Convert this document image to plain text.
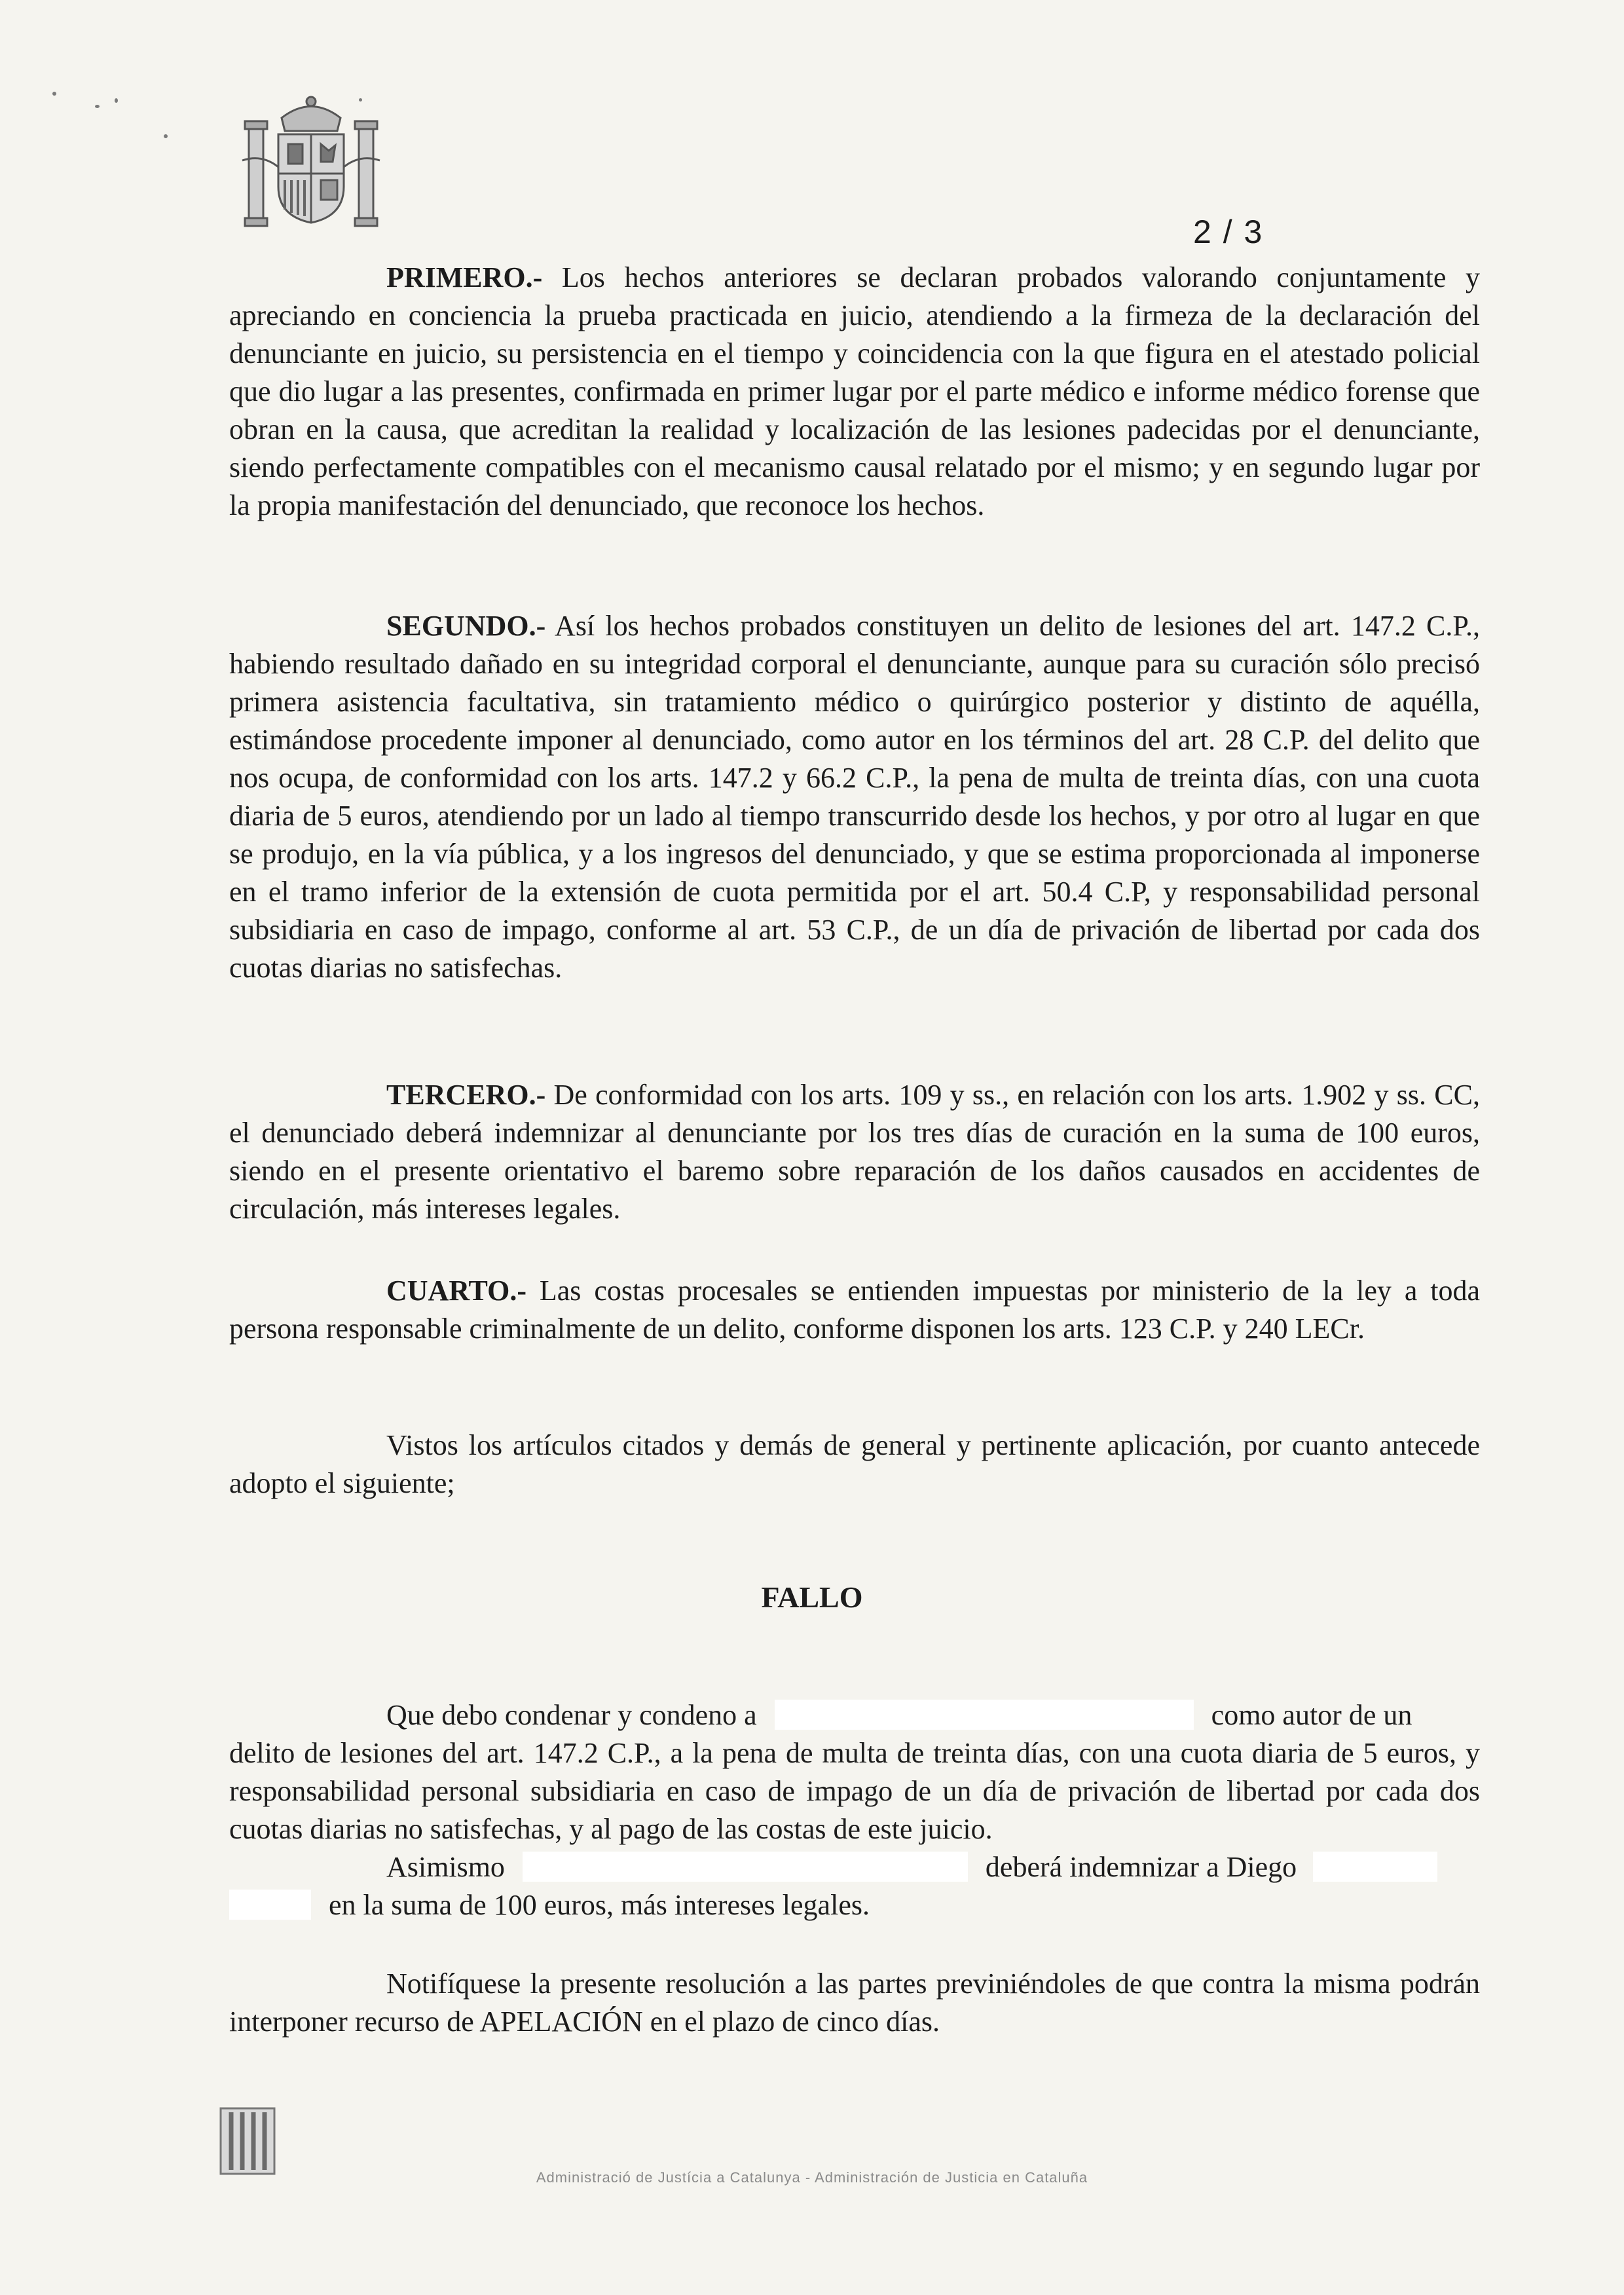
2 / 3
PRIMERO.- Los hechos anteriores se declaran probados valorando conjuntamente y apreciando en conciencia la prueba practicada en juicio, atendiendo a la firmeza de la declaración del denunciante en juicio, su persistencia en el tiempo y coincidencia con la que figura en el atestado policial que dio lugar a las presentes, confirmada en primer lugar por el parte médico e informe médico forense que obran en la causa, que acreditan la realidad y localización de las lesiones padecidas por el denunciante, siendo perfectamente compatibles con el mecanismo causal relatado por el mismo; y en segundo lugar por la propia manifestación del denunciado, que reconoce los hechos.
SEGUNDO.- Así los hechos probados constituyen un delito de lesiones del art. 147.2 C.P., habiendo resultado dañado en su integridad corporal el denunciante, aunque para su curación sólo precisó primera asistencia facultativa, sin tratamiento médico o quirúrgico posterior y distinto de aquélla, estimándose procedente imponer al denunciado, como autor en los términos del art. 28 C.P. del delito que nos ocupa, de conformidad con los arts. 147.2 y 66.2 C.P., la pena de multa de treinta días, con una cuota diaria de 5 euros, atendiendo por un lado al tiempo transcurrido desde los hechos, y por otro al lugar en que se produjo, en la vía pública, y a los ingresos del denunciado, y que se estima proporcionada al imponerse en el tramo inferior de la extensión de cuota permitida por el art. 50.4 C.P, y responsabilidad personal subsidiaria en caso de impago, conforme al art. 53 C.P., de un día de privación de libertad por cada dos cuotas diarias no satisfechas.
TERCERO.- De conformidad con los arts. 109 y ss., en relación con los arts. 1.902 y ss. CC, el denunciado deberá indemnizar al denunciante por los tres días de curación en la suma de 100 euros, siendo en el presente orientativo el baremo sobre reparación de los daños causados en accidentes de circulación, más intereses legales.
CUARTO.- Las costas procesales se entienden impuestas por ministerio de la ley a toda persona responsable criminalmente de un delito, conforme disponen los arts. 123 C.P. y 240 LECr.
Vistos los artículos citados y demás de general y pertinente aplicación, por cuanto antecede adopto el siguiente;
FALLO
Que debo condenar y condeno a	como autor de un
delito de lesiones del art. 147.2 C.P., a la pena de multa de treinta días, con una cuota diaria de 5 euros, y responsabilidad personal subsidiaria en caso de impago de un día de privación de libertad por cada dos cuotas diarias no satisfechas, y al pago de las costas de este juicio.
Asimismo	deberá indemnizar a Diego
en la suma de 100 euros, más intereses legales.
Notifíquese la presente resolución a las partes previniéndoles de que contra la misma podrán interponer recurso de APELACIÓN en el plazo de cinco días.
Administració de Justícia a Catalunya - Administración de Justicia en Cataluña
